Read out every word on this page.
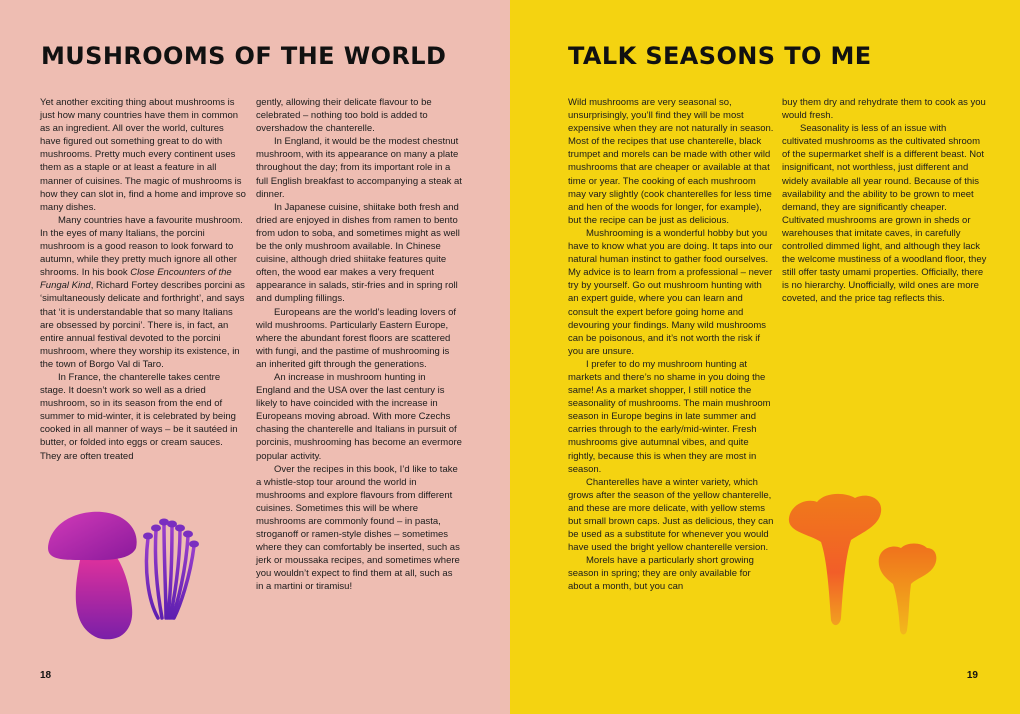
MUSHROOMS OF THE WORLD

Yet another exciting thing about mushrooms is just how many countries have them in common as an ingredient. All over the world, cultures have figured out something great to do with mushrooms. Pretty much every continent uses them as a staple or at least a feature in all manner of cuisines. The magic of mushrooms is how they can slot in, find a home and improve so many dishes.

Many countries have a favourite mushroom. In the eyes of many Italians, the porcini mushroom is a good reason to look forward to autumn, while they pretty much ignore all other shrooms. In his book Close Encounters of the Fungal Kind, Richard Fortey describes porcini as ‘simultaneously delicate and forthright’, and says that ‘it is understandable that so many Italians are obsessed by porcini’. There is, in fact, an entire annual festival devoted to the porcini mushroom, where they worship its existence, in the town of Borgo Val di Taro.

In France, the chanterelle takes centre stage. It doesn’t work so well as a dried mushroom, so in its season from the end of summer to mid-winter, it is celebrated by being cooked in all manner of ways – be it sautéed in butter, or folded into eggs or cream sauces. They are often treated

gently, allowing their delicate flavour to be celebrated – nothing too bold is added to overshadow the chanterelle.

In England, it would be the modest chestnut mushroom, with its appearance on many a plate throughout the day; from its important role in a full English breakfast to accompanying a steak at dinner.

In Japanese cuisine, shiitake both fresh and dried are enjoyed in dishes from ramen to bento from udon to soba, and sometimes might as well be the only mushroom available. In Chinese cuisine, although dried shiitake features quite often, the wood ear makes a very frequent appearance in salads, stir-fries and in spring roll and dumpling fillings.

Europeans are the world’s leading lovers of wild mushrooms. Particularly Eastern Europe, where the abundant forest floors are scattered with fungi, and the pastime of mushrooming is an inherited gift through the generations.

An increase in mushroom hunting in England and the USA over the last century is likely to have coincided with the increase in Europeans moving abroad. With more Czechs chasing the chanterelle and Italians in pursuit of porcinis, mushrooming has become an evermore popular activity.

Over the recipes in this book, I’d like to take a whistle-stop tour around the world in mushrooms and explore flavours from different cuisines. Sometimes this will be where mushrooms are commonly found – in pasta, stroganoff or ramen-style dishes – sometimes where they can comfortably be inserted, such as jerk or moussaka recipes, and sometimes where you wouldn’t expect to find them at all, such as in a martini or tiramisu!

18
TALK SEASONS TO ME

Wild mushrooms are very seasonal so, unsurprisingly, you’ll find they will be most expensive when they are not naturally in season. Most of the recipes that use chanterelle, black trumpet and morels can be made with other wild mushrooms that are cheaper or available at that time or year. The cooking of each mushroom may vary slightly (cook chanterelles for less time and hen of the woods for longer, for example), but the recipe can be just as delicious.

Mushrooming is a wonderful hobby but you have to know what you are doing. It taps into our natural human instinct to gather food ourselves. My advice is to learn from a professional – never try by yourself. Go out mushroom hunting with an expert guide, where you can learn and consult the expert before going home and devouring your findings. Many wild mushrooms can be poisonous, and it’s not worth the risk if you are unsure.

I prefer to do my mushroom hunting at markets and there’s no shame in you doing the same! As a market shopper, I still notice the seasonality of mushrooms. The main mushroom season in Europe begins in late summer and carries through to the early/mid-winter. Fresh mushrooms give autumnal vibes, and quite rightly, because this is when they are most in season.

Chanterelles have a winter variety, which grows after the season of the yellow chanterelle, and these are more delicate, with yellow stems but small brown caps. Just as delicious, they can be used as a substitute for whenever you would have used the bright yellow chanterelle version.

Morels have a particularly short growing season in spring; they are only available for about a month, but you can

buy them dry and rehydrate them to cook as you would fresh.

Seasonality is less of an issue with cultivated mushrooms as the cultivated shroom of the supermarket shelf is a different beast. Not insignificant, not worthless, just different and widely available all year round. Because of this availability and the ability to be grown to meet demand, they are significantly cheaper. Cultivated mushrooms are grown in sheds or warehouses that imitate caves, in carefully controlled dimmed light, and although they lack the welcome mustiness of a woodland floor, they still offer tasty umami properties. Officially, there is no hierarchy. Unofficially, wild ones are more coveted, and the price tag reflects this.

19
